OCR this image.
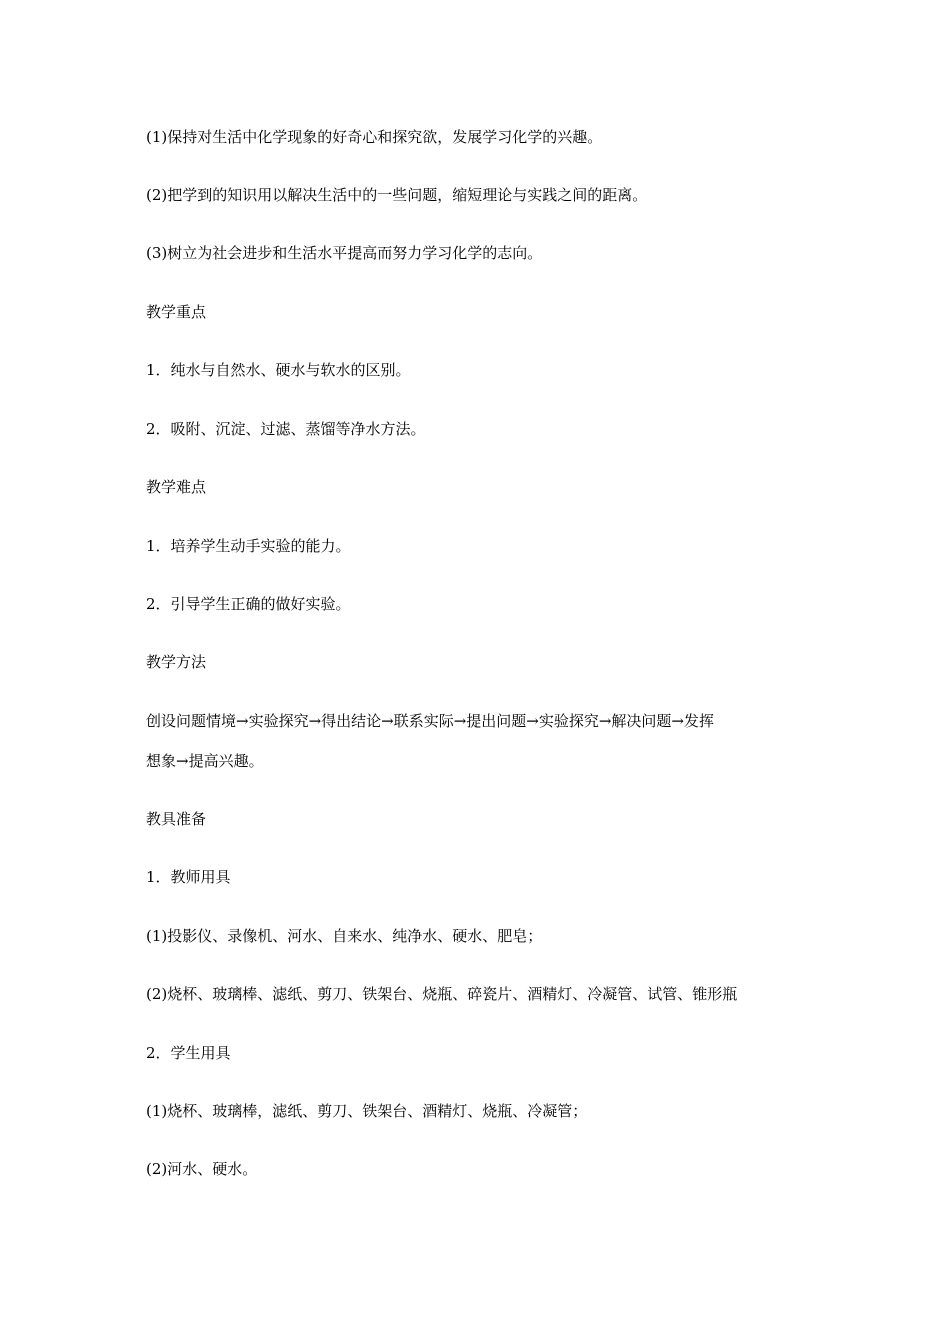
(1)保持对生活中化学现象的好奇心和探究欲，发展学习化学的兴趣。
(2)把学到的知识用以解决生活中的一些问题，缩短理论与实践之间的距离。
(3)树立为社会进步和生活水平提高而努力学习化学的志向。
教学重点
1．纯水与自然水、硬水与软水的区别。
2．吸附、沉淀、过滤、蒸馏等净水方法。
教学难点
1．培养学生动手实验的能力。
2．引导学生正确的做好实验。
教学方法
创设问题情境→实验探究→得出结论→联系实际→提出问题→实验探究→解决问题→发挥
想象→提高兴趣。
教具准备
1．教师用具
(1)投影仪、录像机、河水、自来水、纯净水、硬水、肥皂；
(2)烧杯、玻璃棒、滤纸、剪刀、铁架台、烧瓶、碎瓷片、酒精灯、冷凝管、试管、锥形瓶
2．学生用具
(1)烧杯、玻璃棒，滤纸、剪刀、铁架台、酒精灯、烧瓶、冷凝管；
(2)河水、硬水。
